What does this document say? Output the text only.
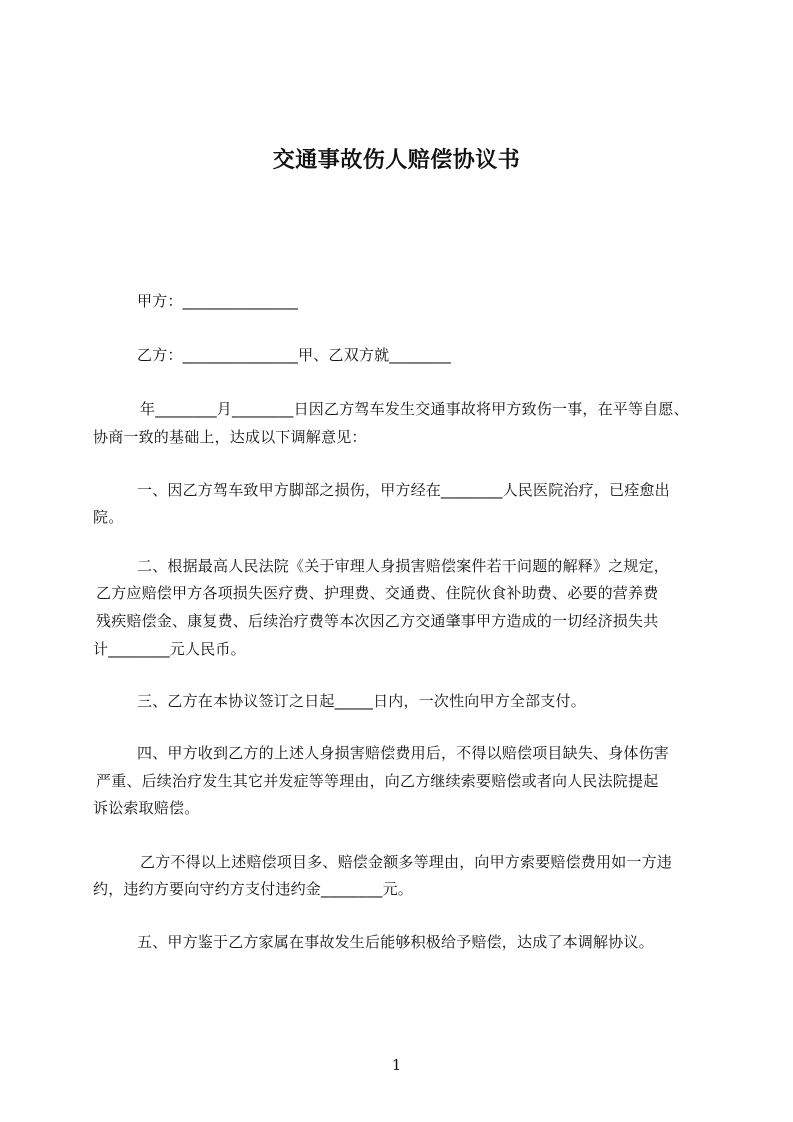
交通事故伤人赔偿协议书
甲方：_______________
乙方：_______________甲、乙双方就________
年________月________日因乙方驾车发生交通事故将甲方致伤一事，在平等自愿、
协商一致的基础上，达成以下调解意见：
一、因乙方驾车致甲方脚部之损伤，甲方经在________人民医院治疗，已痊愈出
院。
二、根据最高人民法院《关于审理人身损害赔偿案件若干问题的解释》之规定，
乙方应赔偿甲方各项损失医疗费、护理费、交通费、住院伙食补助费、必要的营养费
残疾赔偿金、康复费、后续治疗费等本次因乙方交通肇事甲方造成的一切经济损失共
计________元人民币。
三、乙方在本协议签订之日起_____日内，一次性向甲方全部支付。
四、甲方收到乙方的上述人身损害赔偿费用后，不得以赔偿项目缺失、身体伤害
严重、后续治疗发生其它并发症等等理由，向乙方继续索要赔偿或者向人民法院提起
诉讼索取赔偿。
乙方不得以上述赔偿项目多、赔偿金额多等理由，向甲方索要赔偿费用如一方违
约，违约方要向守约方支付违约金________元。
五、甲方鉴于乙方家属在事故发生后能够积极给予赔偿，达成了本调解协议。
1
